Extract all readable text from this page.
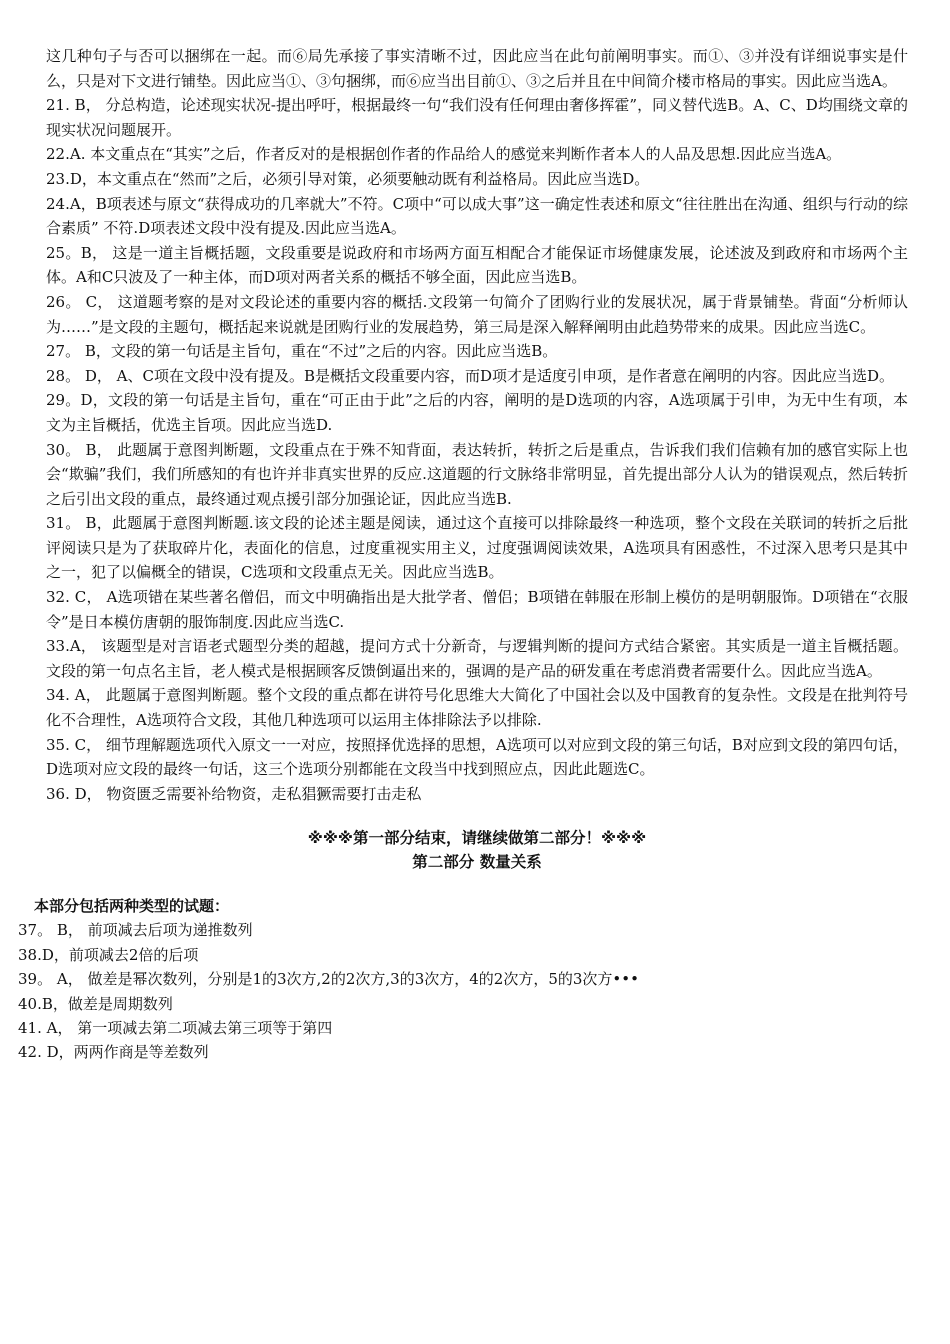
这几种句子与否可以捆绑在一起。而⑥局先承接了事实清晰不过，因此应当在此句前阐明事实。而①、③并没有详细说事实是什么，只是对下文进行铺垫。因此应当①、③句捆绑，而⑥应当出目前①、③之后并且在中间简介楼市格局的事实。因此应当选A。

21. B， 分总构造，论述现实状况-提出呼吁，根据最终一句“我们没有任何理由奢侈挥霍”，同义替代选B。A、C、D均围绕文章的现实状况问题展开。

22.A. 本文重点在“其实”之后，作者反对的是根据创作者的作品给人的感觉来判断作者本人的人品及思想.因此应当选A。

23.D，本文重点在“然而”之后，必须引导对策，必须要触动既有利益格局。因此应当选D。

24.A，B项表述与原文“获得成功的几率就大”不符。C项中“可以成大事”这一确定性表述和原文“往往胜出在沟通、组织与行动的综合素质” 不符.D项表述文段中没有提及.因此应当选A。

25。B， 这是一道主旨概括题，文段重要是说政府和市场两方面互相配合才能保证市场健康发展，论述波及到政府和市场两个主体。A和C只波及了一种主体，而D项对两者关系的概括不够全面，因此应当选B。

26。 C， 这道题考察的是对文段论述的重要内容的概括.文段第一句简介了团购行业的发展状况，属于背景铺垫。背面“分析师认为……”是文段的主题句，概括起来说就是团购行业的发展趋势，第三局是深入解释阐明由此趋势带来的成果。因此应当选C。

27。 B，文段的第一句话是主旨句，重在“不过”之后的内容。因此应当选B。

28。 D， A、C项在文段中没有提及。B是概括文段重要内容，而D项才是适度引申项，是作者意在阐明的内容。因此应当选D。

29。D，文段的第一句话是主旨句，重在“可正由于此”之后的内容，阐明的是D选项的内容，A选项属于引申，为无中生有项，本文为主旨概括，优选主旨项。因此应当选D.

30。 B， 此题属于意图判断题，文段重点在于殊不知背面，表达转折，转折之后是重点，告诉我们我们信赖有加的感官实际上也会“欺骗”我们，我们所感知的有也许并非真实世界的反应.这道题的行文脉络非常明显，首先提出部分人认为的错误观点，然后转折之后引出文段的重点，最终通过观点援引部分加强论证，因此应当选B.

31。 B，此题属于意图判断题.该文段的论述主题是阅读，通过这个直接可以排除最终一种选项，整个文段在关联词的转折之后批评阅读只是为了获取碎片化，表面化的信息，过度重视实用主义，过度强调阅读效果，A选项具有困惑性，不过深入思考只是其中之一，犯了以偏概全的错误，C选项和文段重点无关。因此应当选B。

32. C， A选项错在某些著名僧侣，而文中明确指出是大批学者、僧侣；B项错在韩服在形制上模仿的是明朝服饰。D项错在“衣服令”是日本模仿唐朝的服饰制度.因此应当选C.

33.A， 该题型是对言语老式题型分类的超越，提问方式十分新奇，与逻辑判断的提问方式结合紧密。其实质是一道主旨概括题。文段的第一句点名主旨，老人模式是根据顾客反馈倒逼出来的，强调的是产品的研发重在考虑消费者需要什么。因此应当选A。

34. A， 此题属于意图判断题。整个文段的重点都在讲符号化思维大大简化了中国社会以及中国教育的复杂性。文段是在批判符号化不合理性，A选项符合文段，其他几种选项可以运用主体排除法予以排除.

35. C， 细节理解题选项代入原文一一对应，按照择优选择的思想，A选项可以对应到文段的第三句话，B对应到文段的第四句话，D选项对应文段的最终一句话，这三个选项分别都能在文段当中找到照应点，因此此题选C。

36. D， 物资匮乏需要补给物资，走私猖獗需要打击走私

※※※第一部分结束，请继续做第二部分！※※※

第二部分 数量关系

本部分包括两种类型的试题：

37。 B， 前项减去后项为递推数列

38.D，前项减去2倍的后项

39。 A， 做差是幂次数列，分别是1的3次方,2的2次方,3的3次方，4的2次方，5的3次方•••

40.B，做差是周期数列

41. A， 第一项减去第二项减去第三项等于第四

42. D，两两作商是等差数列
